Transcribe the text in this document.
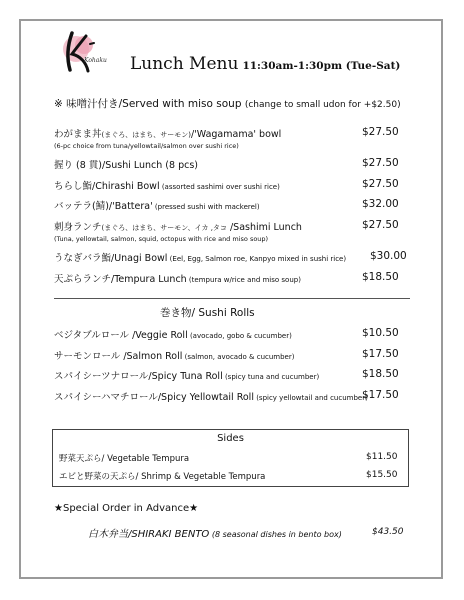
Kohaku Lunch Menu 11:30am-1:30pm (Tue-Sat)
※ 味噌汁付き/Served with miso soup (change to small udon for +$2.50)
わがまま丼(まぐろ、はまち、サーモン)/'Wagamama' bowl
(6-pc choice from tuna/yellowtail/salmon over sushi rice)
$27.50
握り (8 貫)/Sushi Lunch (8 pcs)	$27.50
ちらし鮨/Chirashi Bowl (assorted sashimi over sushi rice)	$27.50
バッテラ(鯖)/'Battera' (pressed sushi with mackerel)	$32.00
刺身ランチ(まぐろ、はまち、サーモン、イカ ,タコ /Sashimi Lunch
(Tuna, yellowtail, salmon, squid, octopus with rice and miso soup)
$27.50
うなぎバラ鮨/Unagi Bowl (Eel, Egg, Salmon roe, Kanpyo mixed in sushi rice) $30.00
天ぷらランチ/Tempura Lunch (tempura w/rice and miso soup)	$18.50
巻き物/ Sushi Rolls
ベジタブルロール /Veggie Roll (avocado, gobo & cucumber)	$10.50
サーモンロール /Salmon Roll (salmon, avocado & cucumber)	$17.50
スパイシーツナロール/Spicy Tuna Roll (spicy tuna and cucumber)	$18.50
スパイシーハマチロール/Spicy Yellowtail Roll (spicy yellowtail and cucumber)
$17.50
Sides
野菜天ぷら/ Vegetable Tempura	$11.50
エビと野菜の天ぷら/ Shrimp & Vegetable Tempura	$15.50
★Special Order in Advance★
白木弁当/SHIRAKI BENTO (8 seasonal dishes in bento box)	$43.50
